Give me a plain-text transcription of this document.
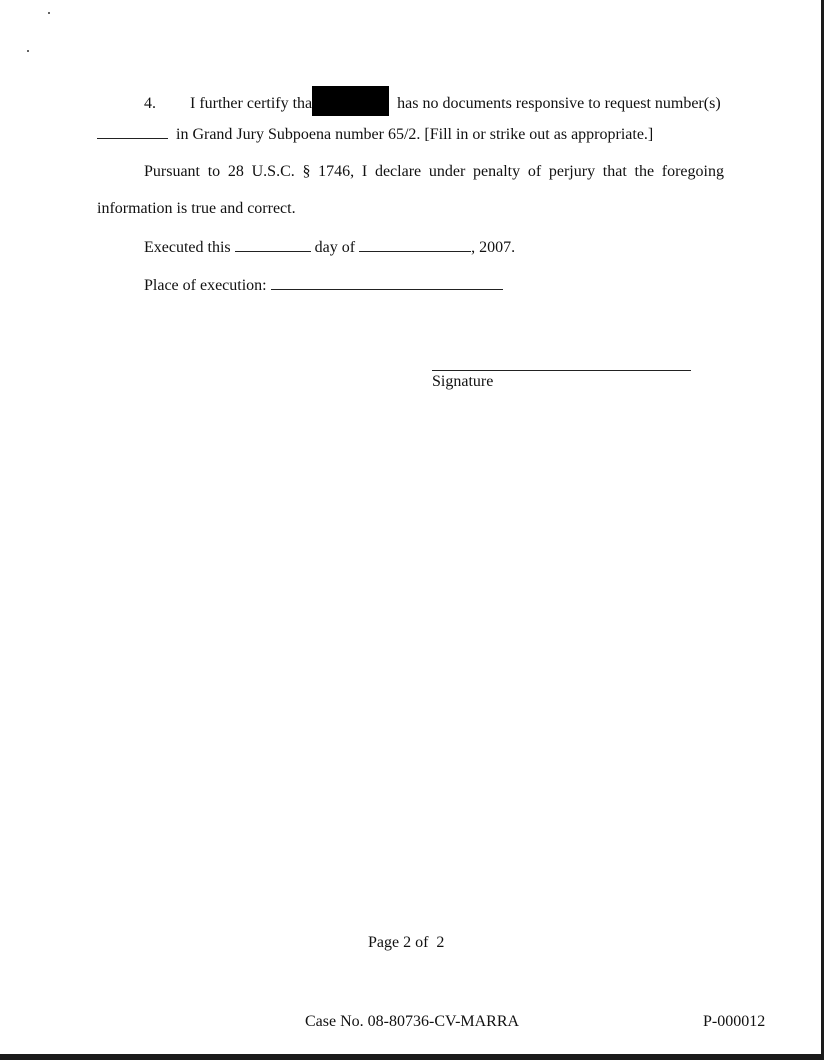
4. I further certify tha	has no documents responsive to request number(s)
in Grand Jury Subpoena number 65/2. [Fill in or strike out as appropriate.]
Pursuant to 28 U.S.C. § 1746, I declare under penalty of perjury that the foregoing
information is true and correct.
Executed this	day of	, 2007.
Place of execution:
Signature
Page 2 of  2
Case No. 08-80736-CV-MARRA	P-000012
